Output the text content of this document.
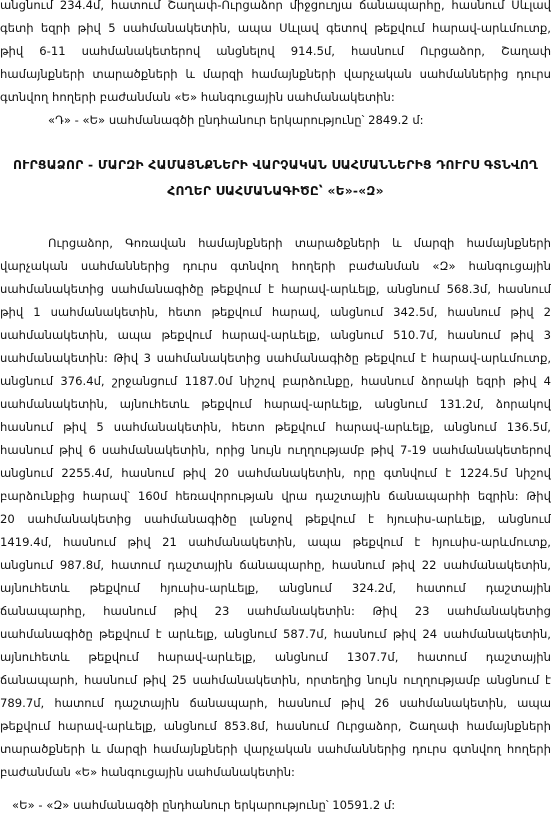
անցնում 234.4մ, հատում Շաղափ-Ուրցաձոր միջցուղյա ճանապարհը, հասնում Սևլավ
գետի եզրի թիվ 5 սահմանակետին, ապա Սևլավ գետով թեքվում հարավ-արևմուտք,
թիվ 6-11 սահմանակետերով անցնելով 914.5մ, հասնում Ուրցաձոր, Շաղափ
համայնքների տարածքների և մարզի համայնքների վարչական սահմաններից դուրս
գտնվող հողերի բաժանման «Ե» հանգուցային սահմանակետին:
«Դ» - «Ե» սահմանագծի ընդհանուր երկարությունը՝ 2849.2 մ:
ՈՒՐՑԱՁՈՐ - ՄԱՐԶԻ ՀԱՄԱՅՆՔՆԵՐԻ ՎԱՐՉԱԿԱՆ ՍԱՀՄԱՆՆԵՐԻՑ ԴՈՒՐՍ ԳՏՆՎՈՂ
ՀՈՂԵՐ ՍԱՀՄԱՆԱԳԻԾԸ՝ «Ե»-«Զ»
Ուրցաձոր, Գոռավան համայնքների տարածքների և մարզի համայնքների
վարչական սահմաններից դուրս գտնվող հողերի բաժանման «Զ» հանգուցային
սահմանակետից սահմանագիծը թեքվում է հարավ-արևելք, անցնում 568.3մ, հասնում
թիվ 1 սահմանակետին, հետո թեքվում հարավ, անցնում 342.5մ, հասնում թիվ 2
սահմանակետին, ապա թեքվում հարավ-արևելք, անցնում 510.7մ, հասնում թիվ 3
սահմանակետին: Թիվ 3 սահմանակետից սահմանագիծը թեքվում է հարավ-արևմուտք,
անցնում 376.4մ, շրջանցում 1187.0մ նիշով բարձունքը, հասնում ձորակի եզրի թիվ 4
սահմանակետին, այնուհետև թեքվում հարավ-արևելք, անցնում 131.2մ, ձորակով
հասնում թիվ 5 սահմանակետին, հետո թեքվում հարավ-արևելք, անցնում 136.5մ,
հասնում թիվ 6 սահմանակետին, որից նույն ուղղությամբ թիվ 7-19 սահմանակետերով
անցնում 2255.4մ, հասնում թիվ 20 սահմանակետին, որը գտնվում է 1224.5մ նիշով
բարձունքից հարավ՝ 160մ հեռավորության վրա դաշտային ճանապարհի եզրին: Թիվ
20 սահմանակետից սահմանագիծը լանջով թեքվում է հյուսիս-արևելք, անցնում
1419.4մ, հասնում թիվ 21 սահմանակետին, ապա թեքվում է հյուսիս-արևմուտք,
անցնում 987.8մ, հատում դաշտային ճանապարհը, հասնում թիվ 22 սահմանակետին,
այնուհետև թեքվում հյուսիս-արևելք, անցնում 324.2մ, հատում դաշտային
ճանապարհը, հասնում թիվ 23 սահմանակետին: Թիվ 23 սահմանակետից
սահմանագիծը թեքվում է արևելք, անցնում 587.7մ, հասնում թիվ 24 սահմանակետին,
այնուհետև թեքվում հարավ-արևելք, անցնում 1307.7մ, հատում դաշտային
ճանապարհ, հասնում թիվ 25 սահմանակետին, որտեղից նույն ուղղությամբ անցնում է
789.7մ, հատում դաշտային ճանապարհ, հասնում թիվ 26 սահմանակետին, ապա
թեքվում հարավ-արևելք, անցնում 853.8մ, հասնում Ուրցաձոր, Շաղափ համայնքների
տարածքների և մարզի համայնքների վարչական սահմաններից դուրս գտնվող հողերի
բաժանման «Ե» հանգուցային սահմանակետին:
«Ե» - «Զ» սահմանագծի ընդհանուր երկարությունը՝ 10591.2 մ:
